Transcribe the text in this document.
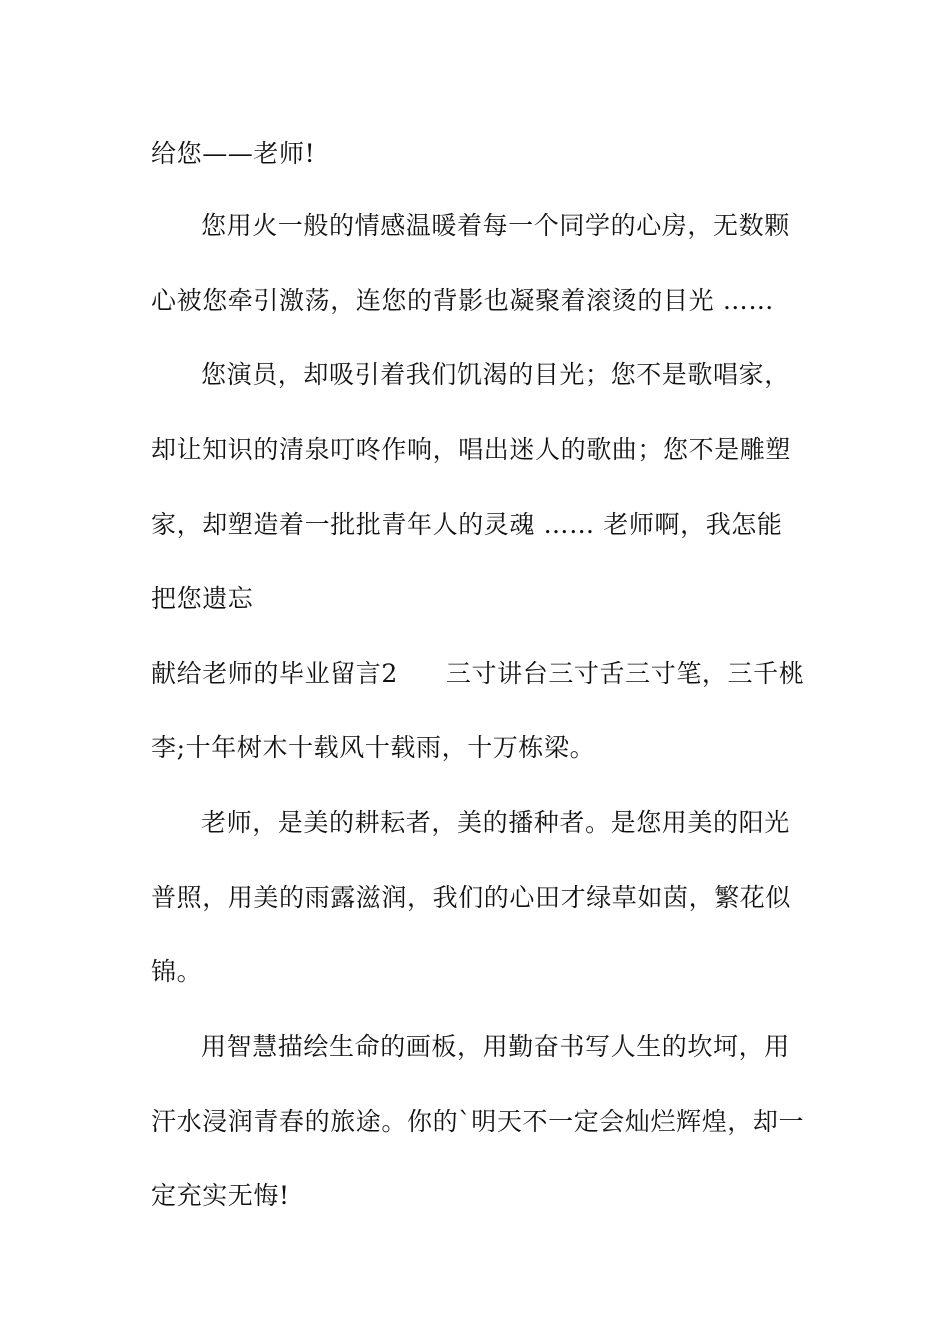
给您——老师!
您用火一般的情感温暖着每一个同学的心房，无数颗
心被您牵引激荡，连您的背影也凝聚着滚烫的目光 ……
您演员，却吸引着我们饥渴的目光；您不是歌唱家，
却让知识的清泉叮咚作响，唱出迷人的歌曲；您不是雕塑
家，却塑造着一批批青年人的灵魂 …… 老师啊，我怎能
把您遗忘
献给老师的毕业留言2 三寸讲台三寸舌三寸笔，三千桃
李;十年树木十载风十载雨，十万栋梁。
老师，是美的耕耘者，美的播种者。是您用美的阳光
普照，用美的雨露滋润，我们的心田才绿草如茵，繁花似
锦。
用智慧描绘生命的画板，用勤奋书写人生的坎坷，用
汗水浸润青春的旅途。你的`明天不一定会灿烂辉煌，却一
定充实无悔!
